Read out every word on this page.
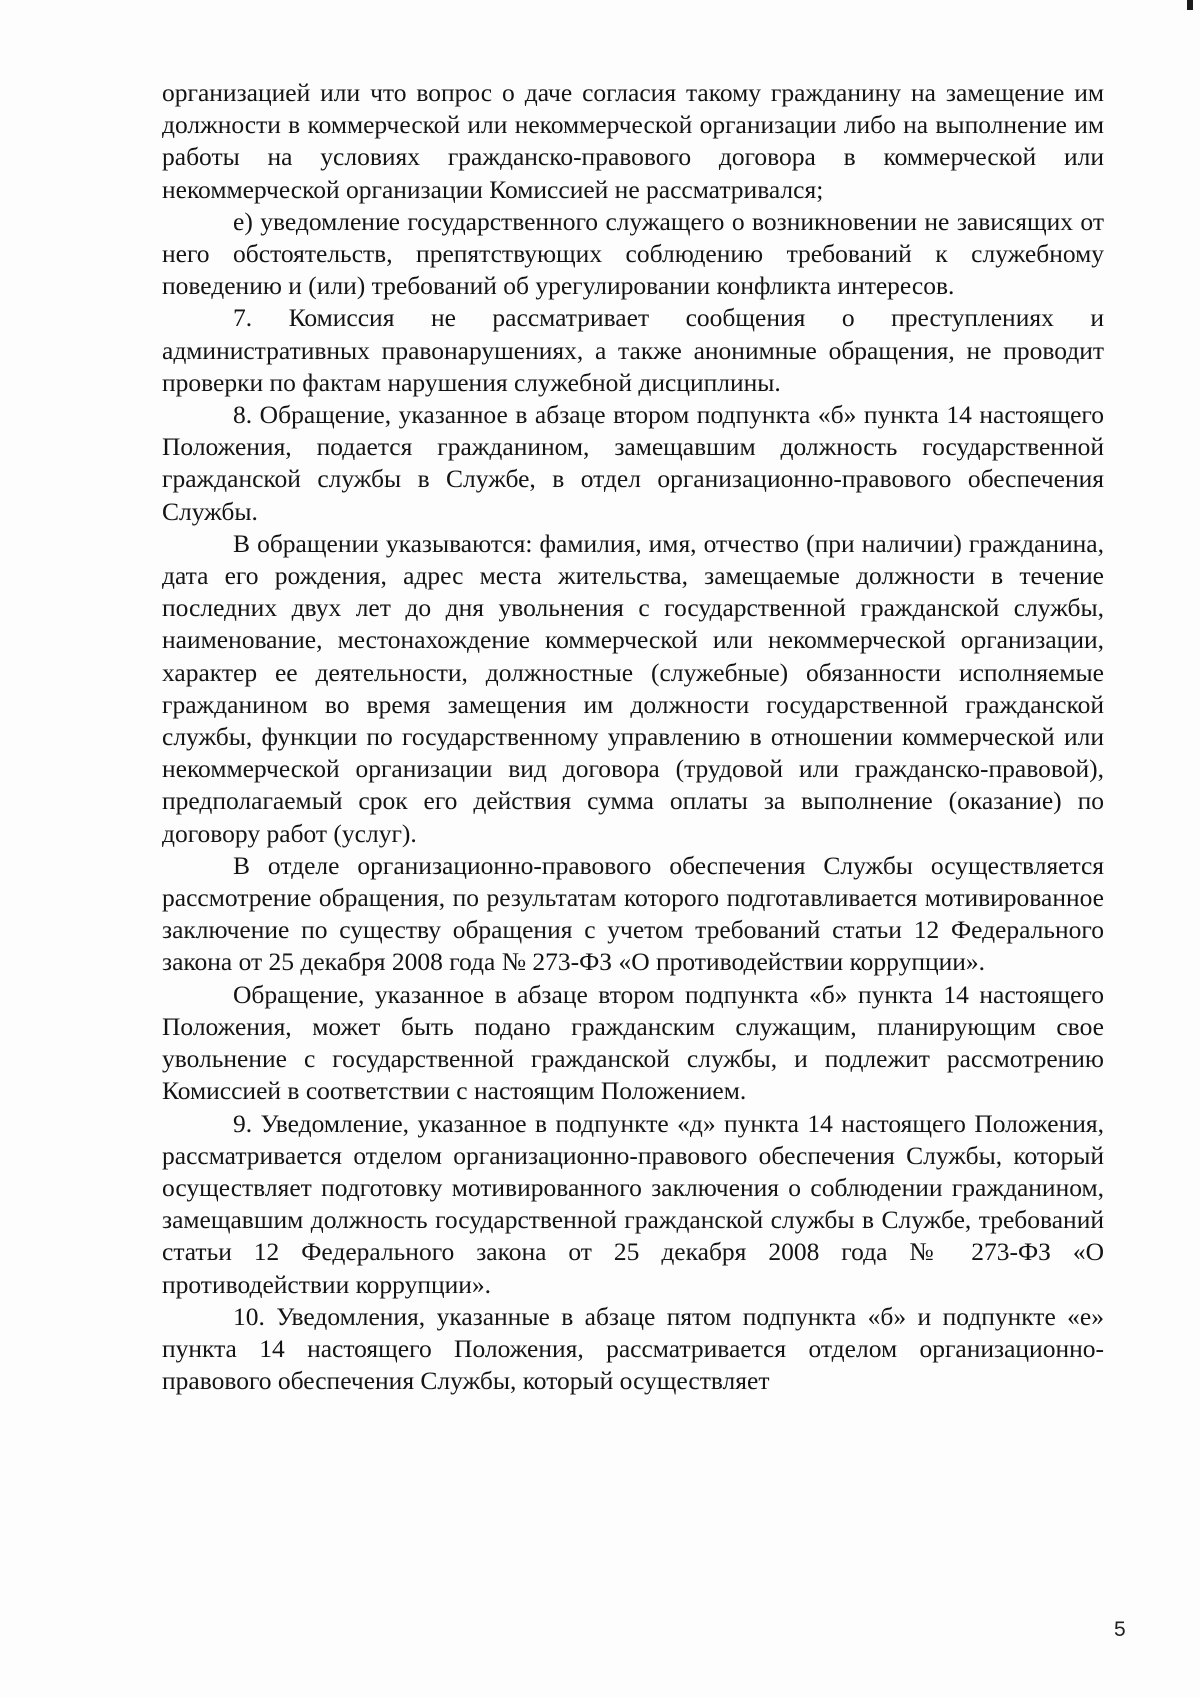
организацией или что вопрос о даче согласия такому гражданину на замещение им должности в коммерческой или некоммерческой организации либо на выполнение им работы на условиях гражданско-правового договора в коммерческой или некоммерческой организации Комиссией не рассматривался;

е) уведомление государственного служащего о возникновении не зависящих от него обстоятельств, препятствующих соблюдению требований к служебному поведению и (или) требований об урегулировании конфликта интересов.

7. Комиссия не рассматривает сообщения о преступлениях и административных правонарушениях, а также анонимные обращения, не проводит проверки по фактам нарушения служебной дисциплины.

8. Обращение, указанное в абзаце втором подпункта «б» пункта 14 настоящего Положения, подается гражданином, замещавшим должность государственной гражданской службы в Службе, в отдел организационно-правового обеспечения Службы.

В обращении указываются: фамилия, имя, отчество (при наличии) гражданина, дата его рождения, адрес места жительства, замещаемые должности в течение последних двух лет до дня увольнения с государственной гражданской службы, наименование, местонахождение коммерческой или некоммерческой организации, характер ее деятельности, должностные (служебные) обязанности исполняемые гражданином во время замещения им должности государственной гражданской службы, функции по государственному управлению в отношении коммерческой или некоммерческой организации вид договора (трудовой или гражданско-правовой), предполагаемый срок его действия сумма оплаты за выполнение (оказание) по договору работ (услуг).

В отделе организационно-правового обеспечения Службы осуществляется рассмотрение обращения, по результатам которого подготавливается мотивированное заключение по существу обращения с учетом требований статьи 12 Федерального закона от 25 декабря 2008 года № 273-ФЗ «О противодействии коррупции».

Обращение, указанное в абзаце втором подпункта «б» пункта 14 настоящего Положения, может быть подано гражданским служащим, планирующим свое увольнение с государственной гражданской службы, и подлежит рассмотрению Комиссией в соответствии с настоящим Положением.

9. Уведомление, указанное в подпункте «д» пункта 14 настоящего Положения, рассматривается отделом организационно-правового обеспечения Службы, который осуществляет подготовку мотивированного заключения о соблюдении гражданином, замещавшим должность государственной гражданской службы в Службе, требований статьи 12 Федерального закона от 25 декабря 2008 года № 273-ФЗ «О противодействии коррупции».

10. Уведомления, указанные в абзаце пятом подпункта «б» и подпункте «е» пункта 14 настоящего Положения, рассматривается отделом организационно-правового обеспечения Службы, который осуществляет

5
